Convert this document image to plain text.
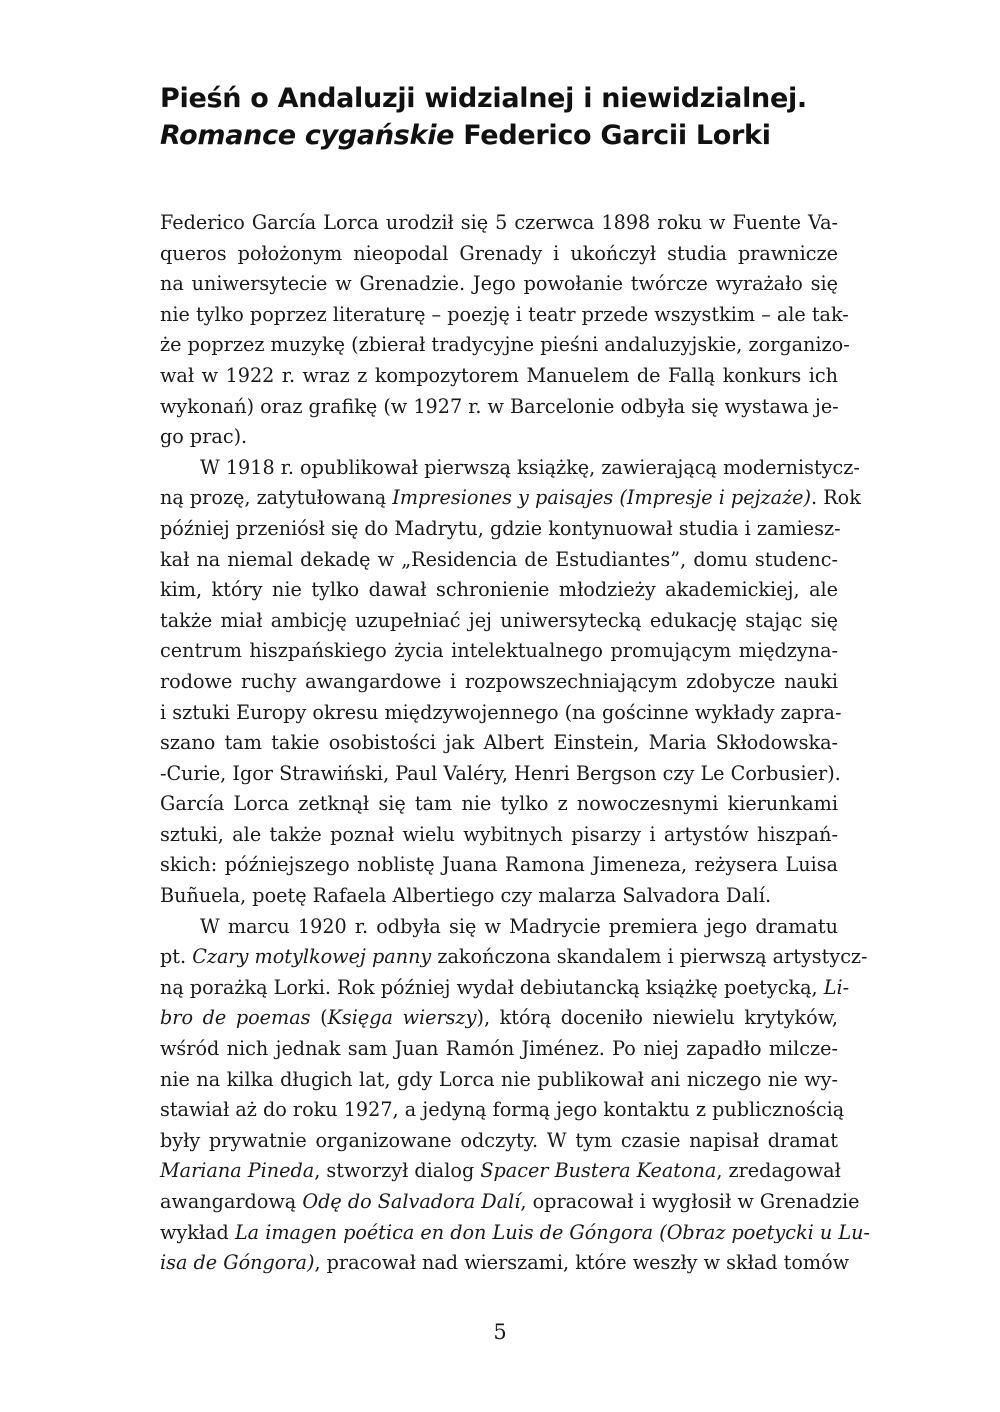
Pieśń o Andaluzji widzialnej i niewidzialnej.
Romance cygańskie Federico Garcii Lorki
Federico García Lorca urodził się 5 czerwca 1898 roku w Fuente Va-
queros położonym nieopodal Grenady i ukończył studia prawnicze
na uniwersytecie w Grenadzie. Jego powołanie twórcze wyrażało się
nie tylko poprzez literaturę – poezję i teatr przede wszystkim – ale tak-
że poprzez muzykę (zbierał tradycyjne pieśni andaluzyjskie, zorganizo-
wał w 1922 r. wraz z kompozytorem Manuelem de Fallą konkurs ich
wykonań) oraz grafikę (w 1927 r. w Barcelonie odbyła się wystawa je-
go prac).
W 1918 r. opublikował pierwszą książkę, zawierającą modernistycz-
ną prozę, zatytułowaną Impresiones y paisajes (Impresje i pejzaże). Rok
później przeniósł się do Madrytu, gdzie kontynuował studia i zamiesz-
kał na niemal dekadę w „Residencia de Estudiantes”, domu studenc-
kim, który nie tylko dawał schronienie młodzieży akademickiej, ale
także miał ambicję uzupełniać jej uniwersytecką edukację stając się
centrum hiszpańskiego życia intelektualnego promującym międzyna-
rodowe ruchy awangardowe i rozpowszechniającym zdobycze nauki
i sztuki Europy okresu międzywojennego (na gościnne wykłady zapra-
szano tam takie osobistości jak Albert Einstein, Maria Skłodowska-
-Curie, Igor Strawiński, Paul Valéry, Henri Bergson czy Le Corbusier).
García Lorca zetknął się tam nie tylko z nowoczesnymi kierunkami
sztuki, ale także poznał wielu wybitnych pisarzy i artystów hiszpań-
skich: późniejszego noblistę Juana Ramona Jimeneza, reżysera Luisa
Buñuela, poetę Rafaela Albertiego czy malarza Salvadora Dalí.
W marcu 1920 r. odbyła się w Madrycie premiera jego dramatu
pt. Czary motylkowej panny zakończona skandalem i pierwszą artystycz-
ną porażką Lorki. Rok później wydał debiutancką książkę poetycką, Li-
bro de poemas (Księga wierszy), którą doceniło niewielu krytyków,
wśród nich jednak sam Juan Ramón Jiménez. Po niej zapadło milcze-
nie na kilka długich lat, gdy Lorca nie publikował ani niczego nie wy-
stawiał aż do roku 1927, a jedyną formą jego kontaktu z publicznością
były prywatnie organizowane odczyty. W tym czasie napisał dramat
Mariana Pineda, stworzył dialog Spacer Bustera Keatona, zredagował
awangardową Odę do Salvadora Dalí, opracował i wygłosił w Grenadzie
wykład La imagen poética en don Luis de Góngora (Obraz poetycki u Lu-
isa de Góngora), pracował nad wierszami, które weszły w skład tomów
5
